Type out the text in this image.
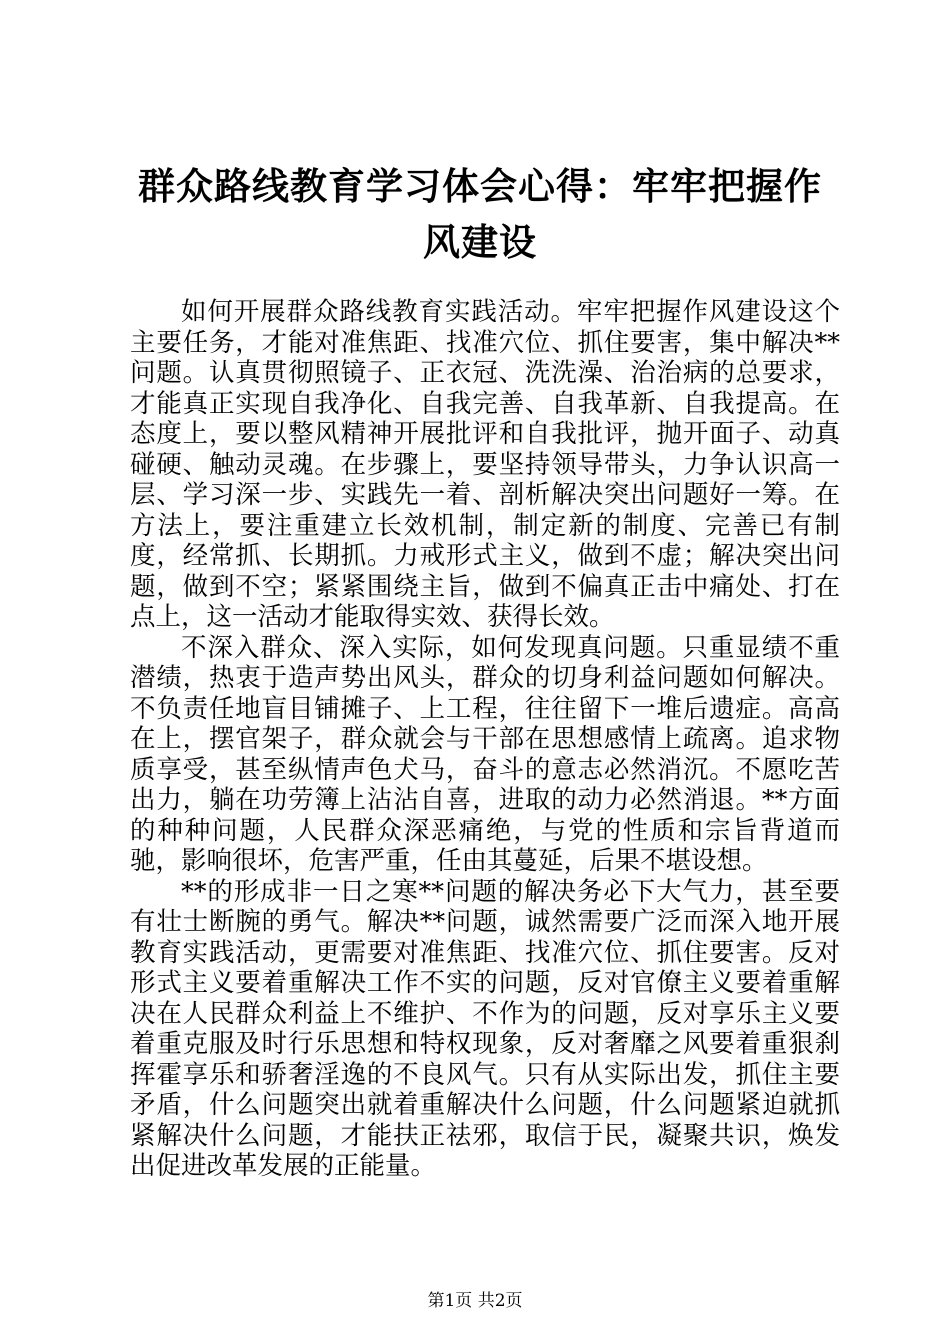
群众路线教育学习体会心得：牢牢把握作风建设

如何开展群众路线教育实践活动。牢牢把握作风建设这个主要任务，才能对准焦距、找准穴位、抓住要害，集中解决**问题。认真贯彻照镜子、正衣冠、洗洗澡、治治病的总要求，才能真正实现自我净化、自我完善、自我革新、自我提高。在态度上，要以整风精神开展批评和自我批评，抛开面子、动真碰硬、触动灵魂。在步骤上，要坚持领导带头，力争认识高一层、学习深一步、实践先一着、剖析解决突出问题好一筹。在方法上，要注重建立长效机制，制定新的制度、完善已有制度，经常抓、长期抓。力戒形式主义，做到不虚；解决突出问题，做到不空；紧紧围绕主旨，做到不偏真正击中痛处、打在点上，这一活动才能取得实效、获得长效。

不深入群众、深入实际，如何发现真问题。只重显绩不重潜绩，热衷于造声势出风头，群众的切身利益问题如何解决。不负责任地盲目铺摊子、上工程，往往留下一堆后遗症。高高在上，摆官架子，群众就会与干部在思想感情上疏离。追求物质享受，甚至纵情声色犬马，奋斗的意志必然消沉。不愿吃苦出力，躺在功劳簿上沾沾自喜，进取的动力必然消退。**方面的种种问题，人民群众深恶痛绝，与党的性质和宗旨背道而驰，影响很坏，危害严重，任由其蔓延，后果不堪设想。

**的形成非一日之寒**问题的解决务必下大气力，甚至要有壮士断腕的勇气。解决**问题，诚然需要广泛而深入地开展教育实践活动，更需要对准焦距、找准穴位、抓住要害。反对形式主义要着重解决工作不实的问题，反对官僚主义要着重解决在人民群众利益上不维护、不作为的问题，反对享乐主义要着重克服及时行乐思想和特权现象，反对奢靡之风要着重狠刹挥霍享乐和骄奢淫逸的不良风气。只有从实际出发，抓住主要矛盾，什么问题突出就着重解决什么问题，什么问题紧迫就抓紧解决什么问题，才能扶正祛邪，取信于民，凝聚共识，焕发出促进改革发展的正能量。

第1页 共2页
